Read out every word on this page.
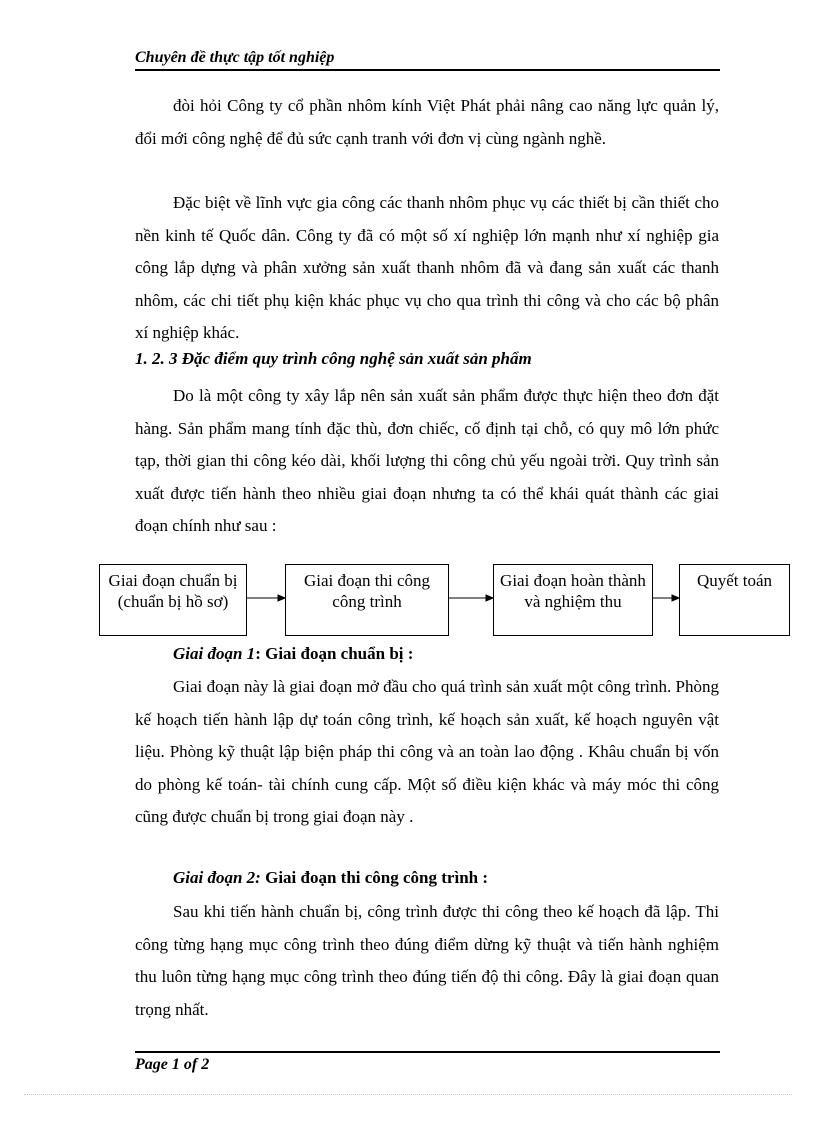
Chuyên đề thực tập tốt nghiệp
đòi hỏi Công ty cổ phần nhôm kính Việt Phát phải nâng cao năng lực quản lý, đổi mới công nghệ để đủ sức cạnh tranh với đơn vị cùng ngành nghề.
Đặc biệt về lĩnh vực gia công các thanh nhôm phục vụ các thiết bị cần thiết cho nền kinh tế Quốc dân. Công ty đã có một số xí nghiệp lớn mạnh như xí nghiệp gia công lắp dựng và phân xưởng sản xuất thanh nhôm đã và đang sản xuất các thanh nhôm, các chi tiết phụ kiện khác phục vụ cho qua trình thi công và cho các bộ phân xí nghiệp khác.
1. 2. 3 Đặc điểm quy trình công nghệ sản xuất sản phẩm
Do là một công ty xây lắp nên sản xuất sản phẩm được thực hiện theo đơn đặt hàng. Sản phẩm mang tính đặc thù, đơn chiếc, cố định tại chỗ, có quy mô lớn phức tạp, thời gian thi công kéo dài, khối lượng thi công chủ yếu ngoài trời. Quy trình sản xuất được tiến hành theo nhiều giai đoạn nhưng ta có thể khái quát thành các giai đoạn chính như sau :
Giai đoạn chuẩn bị
(chuẩn bị hồ sơ)
Giai đoạn thi công công trình
Giai đoạn hoàn thành và nghiệm thu
Quyết toán
Giai đoạn 1: Giai đoạn chuẩn bị :
Giai đoạn này là giai đoạn mở đầu cho quá trình sản xuất một công trình. Phòng kế hoạch tiến hành lập dự toán công trình, kế hoạch sản xuất, kế hoạch nguyên vật liệu. Phòng kỹ thuật lập biện pháp thi công và an toàn lao động . Khâu chuẩn bị vốn do phòng kế toán- tài chính cung cấp. Một số điều kiện khác và máy móc thi công cũng được chuẩn bị trong giai đoạn này .
Giai đoạn 2: Giai đoạn thi công công trình :
Sau khi tiến hành chuẩn bị, công trình được thi công theo kế hoạch đã lập. Thi công từng hạng mục công trình theo đúng điểm dừng kỹ thuật và tiến hành nghiệm thu luôn từng hạng mục công trình theo đúng tiến độ thi công. Đây là giai đoạn quan trọng nhất.
Page 1 of 2
